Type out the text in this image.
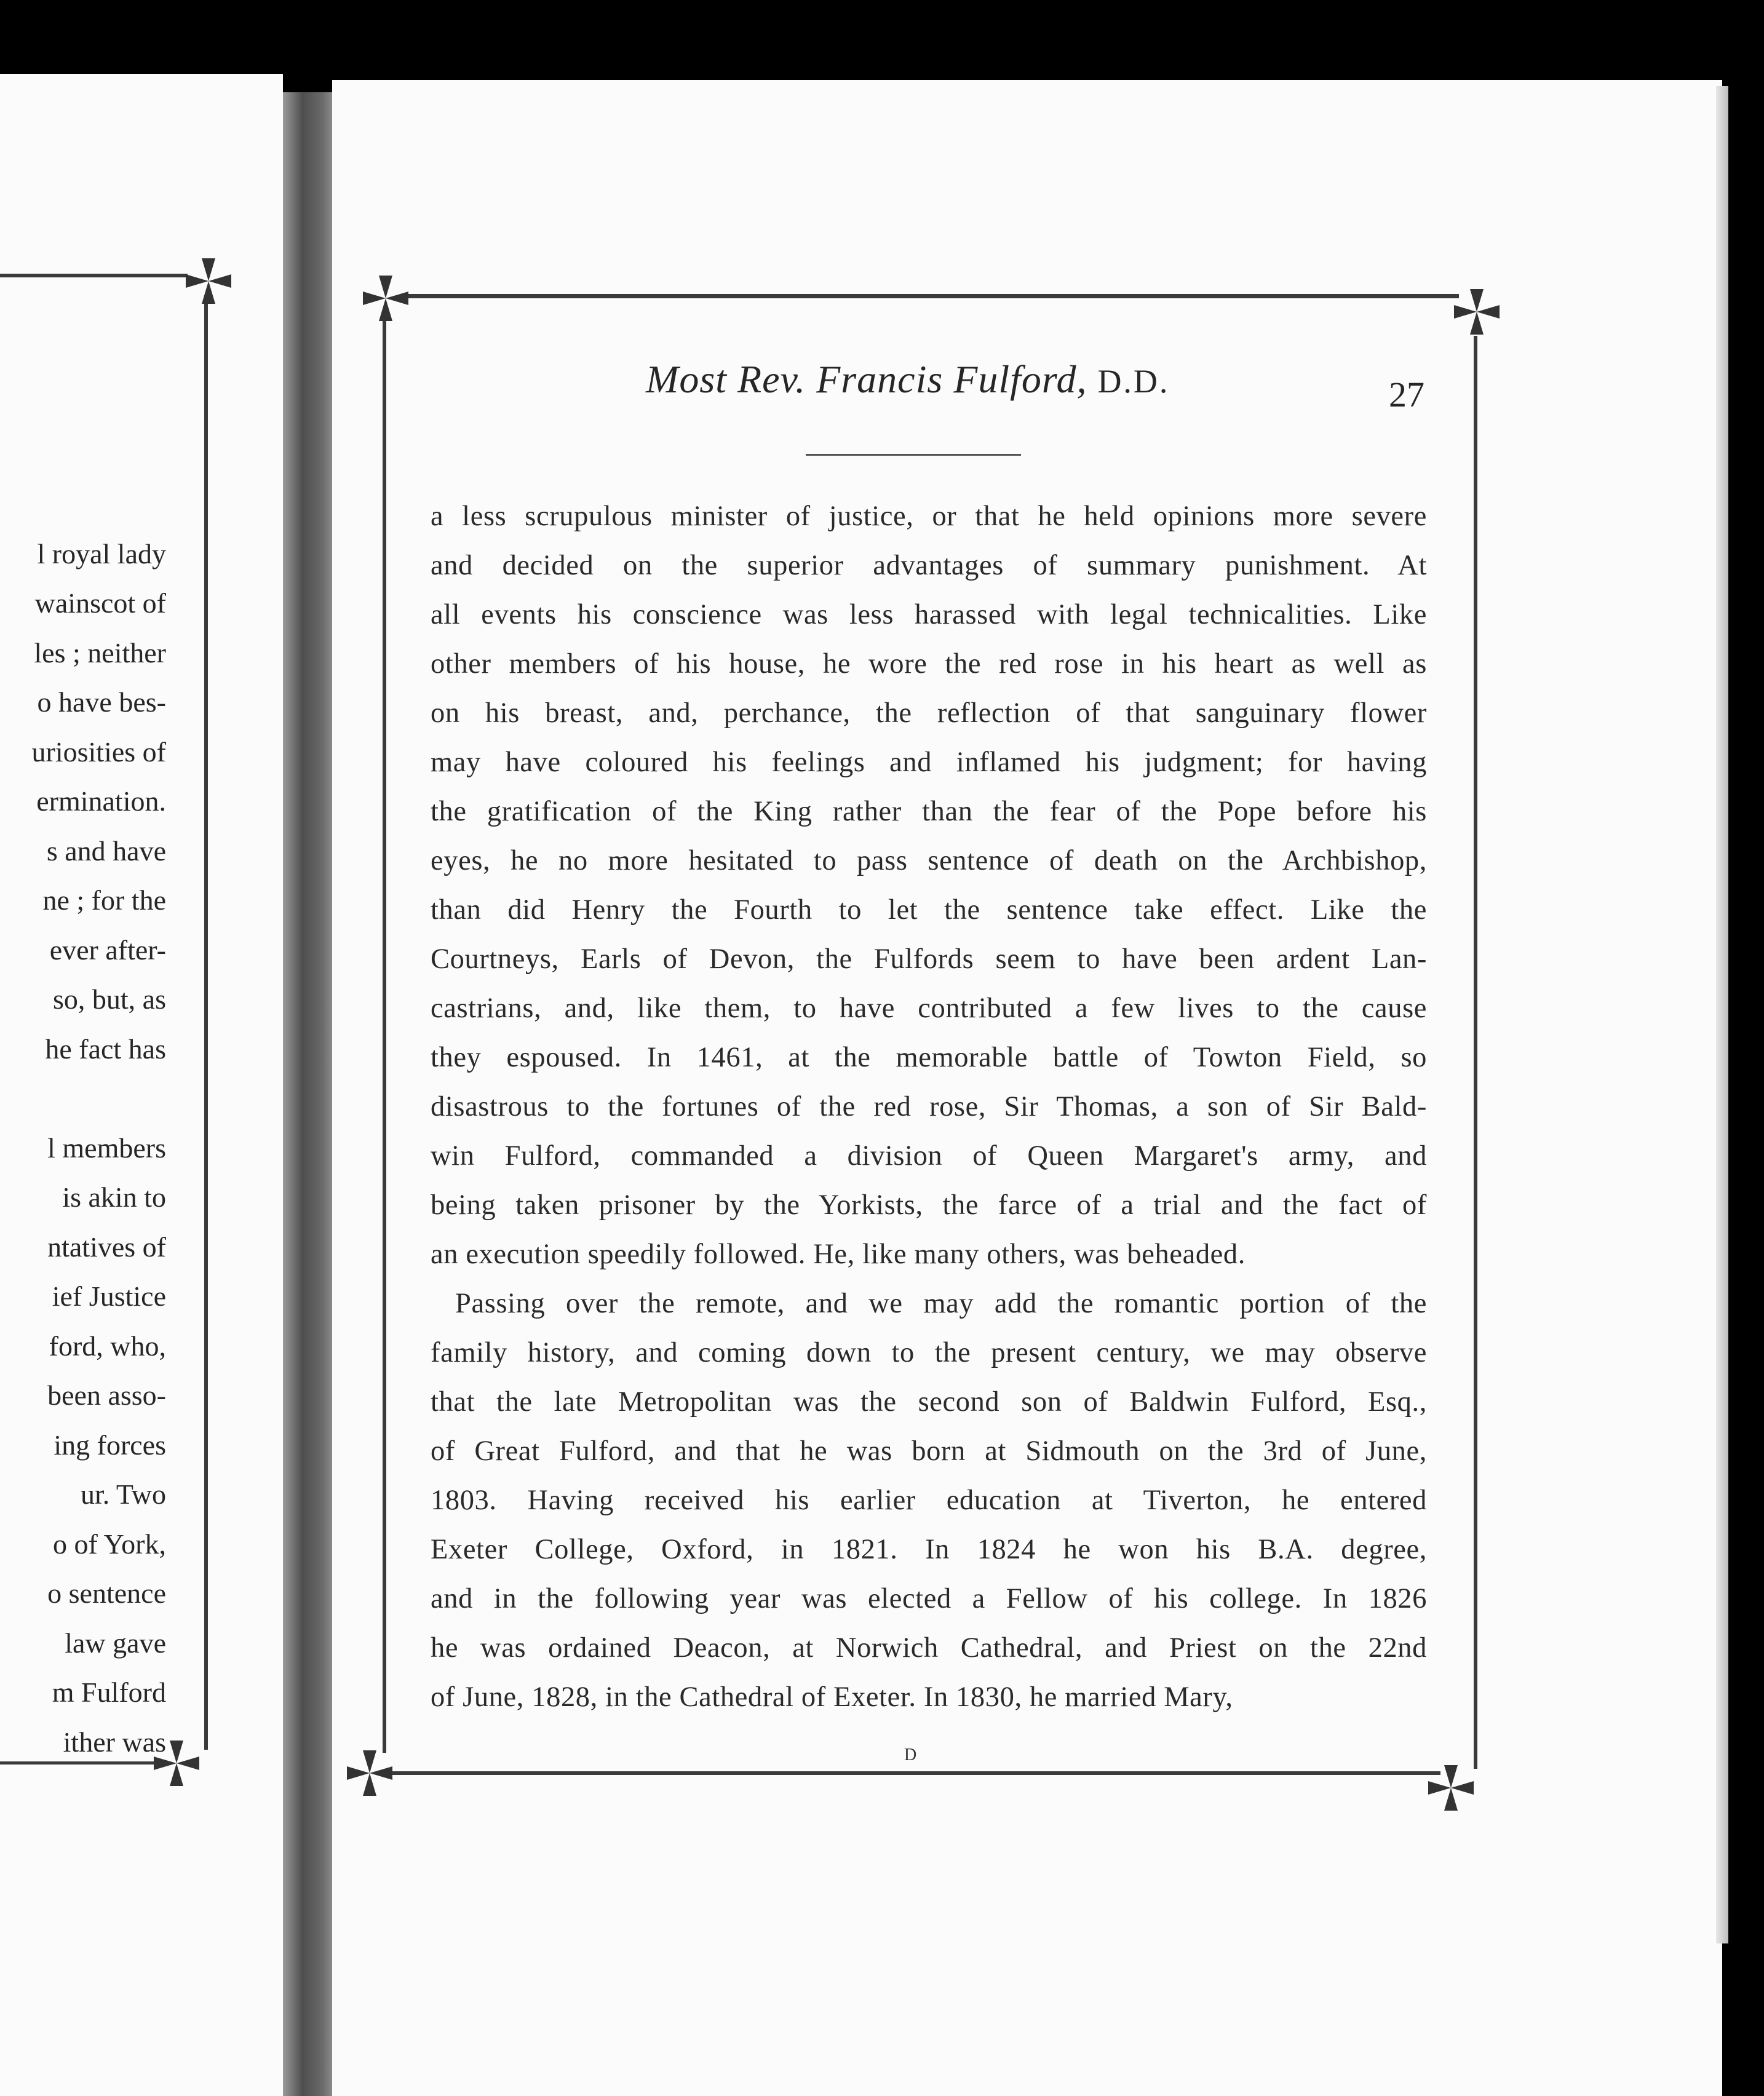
l royal lady
wainscot of
les ; neither
o have bes-
uriosities of
ermination.
s and have
ne ; for the
ever after-
so, but, as
he fact has
l members
is akin to
ntatives of
ief Justice
ford, who,
been asso-
ing forces
ur. Two
o of York,
o sentence
law gave
m Fulford
ither was
Most Rev. Francis Fulford, D.D.	27
a less scrupulous minister of justice, or that he held opinions more severe
and decided on the superior advantages of summary punishment. At
all events his conscience was less harassed with legal technicalities. Like
other members of his house, he wore the red rose in his heart as well as
on his breast, and, perchance, the reflection of that sanguinary flower
may have coloured his feelings and inflamed his judgment; for having
the gratification of the King rather than the fear of the Pope before his
eyes, he no more hesitated to pass sentence of death on the Archbishop,
than did Henry the Fourth to let the sentence take effect. Like the
Courtneys, Earls of Devon, the Fulfords seem to have been ardent Lan-
castrians, and, like them, to have contributed a few lives to the cause
they espoused. In 1461, at the memorable battle of Towton Field, so
disastrous to the fortunes of the red rose, Sir Thomas, a son of Sir Bald-
win Fulford, commanded a division of Queen Margaret's army, and
being taken prisoner by the Yorkists, the farce of a trial and the fact of
an execution speedily followed. He, like many others, was beheaded.
Passing over the remote, and we may add the romantic portion of the
family history, and coming down to the present century, we may observe
that the late Metropolitan was the second son of Baldwin Fulford, Esq.,
of Great Fulford, and that he was born at Sidmouth on the 3rd of June,
1803. Having received his earlier education at Tiverton, he entered
Exeter College, Oxford, in 1821. In 1824 he won his B.A. degree,
and in the following year was elected a Fellow of his college. In 1826
he was ordained Deacon, at Norwich Cathedral, and Priest on the 22nd
of June, 1828, in the Cathedral of Exeter. In 1830, he married Mary,
D
